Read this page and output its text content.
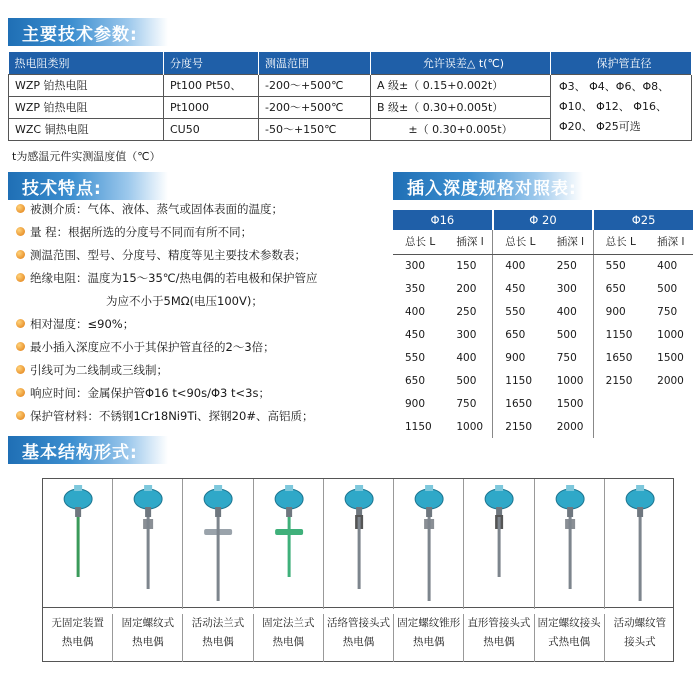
主要技术参数:
热电阻类别	分度号	测温范围	允许误差△ t(℃)	保护管直径
WZP 铂热电阻	Pt100 Pt50、	-200～+500℃	A 级±（ 0.15+0.002t）	Φ3、 Φ4、Φ6、Φ8、
Φ10、 Φ12、 Φ16、
Φ20、 Φ25可选

WZP 铂热电阻	Pt1000	-200～+500℃	B 级±（ 0.30+0.005t）	
WZC 铜热电阻	CU50	-50～+150℃	±（ 0.30+0.005t）	
t为感温元件实测温度值（℃）
技术特点:
被测介质：气体、液体、蒸气或固体表面的温度；
量 程：根据所选的分度号不同而有所不同；
测温范围、型号、分度号、精度等见主要技术参数表；
绝缘电阻：温度为15～35℃/热电偶的若电极和保护管应
为应不小于5MΩ(电压100V)；
相对湿度：≤90%；
最小插入深度应不小于其保护管直径的2～3倍；
引线可为二线制或三线制；
响应时间：金属保护管Φ16 t<90s/Φ3 t<3s；
保护管材料：不锈钢1Cr18Ni9Ti、探钢20#、高铝质；
插入深度规格对照表:
Φ16		Φ 20		Φ25	
总长 L	插深 l	总长 L	插深 l	总长 L	插深 l
300	150	400	250	550	400
350	200	450	300	650	500
400	250	550	400	900	750
450	300	650	500	1150	1000
550	400	900	750	1650	1500
650	500	1150	1000	2150	2000
900	750	1650	1500		
1150	1000	2150	2000		
基本结构形式:
无固定装置
热电偶
固定螺纹式
热电偶
活动法兰式
热电偶
固定法兰式
热电偶
活络管接头式
热电偶
固定螺纹锥形
热电偶
直形管接头式
热电偶
固定螺纹接头
式热电偶
活动螺纹管
接头式
